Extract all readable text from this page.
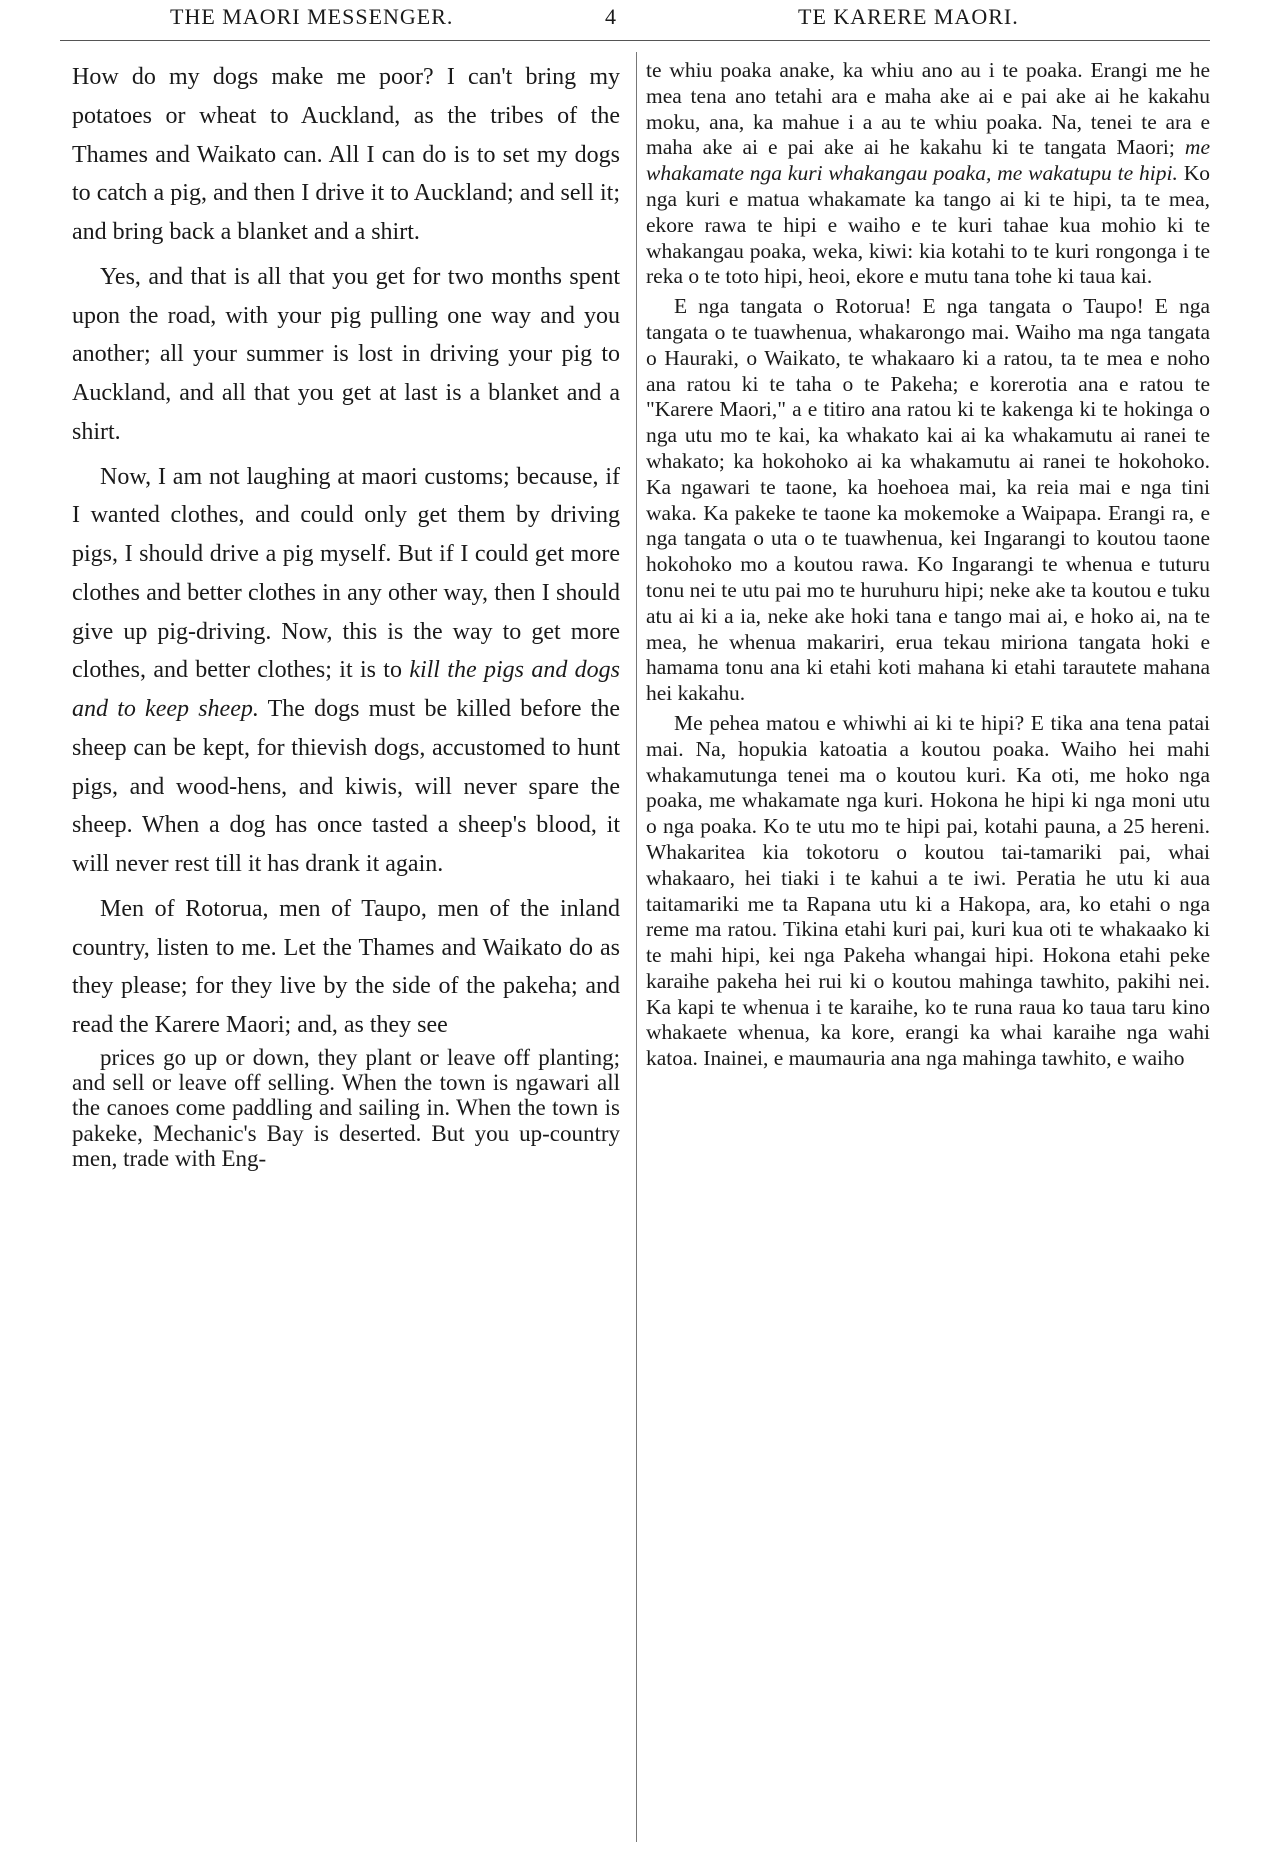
THE MAORI MESSENGER.	4	TE KARERE MAORI.

How do my dogs make me poor? I can't bring my potatoes or wheat to Auckland, as the tribes of the Thames and Waikato can. All I can do is to set my dogs to catch a pig, and then I drive it to Auckland; and sell it; and bring back a blanket and a shirt.

Yes, and that is all that you get for two months spent upon the road, with your pig pulling one way and you another; all your summer is lost in driving your pig to Auckland, and all that you get at last is a blanket and a shirt.

Now, I am not laughing at maori customs; because, if I wanted clothes, and could only get them by driving pigs, I should drive a pig myself. But if I could get more clothes and better clothes in any other way, then I should give up pig-driving. Now, this is the way to get more clothes, and better clothes; it is to kill the pigs and dogs and to keep sheep. The dogs must be killed before the sheep can be kept, for thievish dogs, accustomed to hunt pigs, and wood-hens, and kiwis, will never spare the sheep. When a dog has once tasted a sheep's blood, it will never rest till it has drank it again.

Men of Rotorua, men of Taupo, men of the inland country, listen to me. Let the Thames and Waikato do as they please; for they live by the side of the pakeha; and read the Karere Maori; and, as they see

prices go up or down, they plant or leave off planting; and sell or leave off selling. When the town is ngawari all the canoes come paddling and sailing in. When the town is pakeke, Mechanic's Bay is deserted. But you up-country men, trade with Eng-

te whiu poaka anake, ka whiu ano au i te poaka. Erangi me he mea tena ano tetahi ara e maha ake ai e pai ake ai he kakahu moku, ana, ka mahue i a au te whiu poaka. Na, tenei te ara e maha ake ai e pai ake ai he kakahu ki te tangata Maori; me whakamate nga kuri whakangau poaka, me wakatupu te hipi. Ko nga kuri e matua whakamate ka tango ai ki te hipi, ta te mea, ekore rawa te hipi e waiho e te kuri tahae kua mohio ki te whakangau poaka, weka, kiwi: kia kotahi to te kuri rongonga i te reka o te toto hipi, heoi, ekore e mutu tana tohe ki taua kai.

E nga tangata o Rotorua! E nga tangata o Taupo! E nga tangata o te tuawhenua, whakarongo mai. Waiho ma nga tangata o Hauraki, o Waikato, te whakaaro ki a ratou, ta te mea e noho ana ratou ki te taha o te Pakeha; e korerotia ana e ratou te "Karere Maori," a e titiro ana ratou ki te kakenga ki te hokinga o nga utu mo te kai, ka whakato kai ai ka whakamutu ai ranei te whakato; ka hokohoko ai ka whakamutu ai ranei te hokohoko. Ka ngawari te taone, ka hoehoea mai, ka reia mai e nga tini waka. Ka pakeke te taone ka mokemoke a Waipapa. Erangi ra, e nga tangata o uta o te tuawhenua, kei Ingarangi to koutou taone hokohoko mo a koutou rawa. Ko Ingarangi te whenua e tuturu tonu nei te utu pai mo te huruhuru hipi; neke ake ta koutou e tuku atu ai ki a ia, neke ake hoki tana e tango mai ai, e hoko ai, na te mea, he whenua makariri, erua tekau miriona tangata hoki e hamama tonu ana ki etahi koti mahana ki etahi tarautete mahana hei kakahu.

Me pehea matou e whiwhi ai ki te hipi? E tika ana tena patai mai. Na, hopukia katoatia a koutou poaka. Waiho hei mahi whakamutunga tenei ma o koutou kuri. Ka oti, me hoko nga poaka, me whakamate nga kuri. Hokona he hipi ki nga moni utu o nga poaka. Ko te utu mo te hipi pai, kotahi pauna, a 25 hereni. Whakaritea kia tokotoru o koutou tai-tamariki pai, whai whakaaro, hei tiaki i te kahui a te iwi. Peratia he utu ki aua taitamariki me ta Rapana utu ki a Hakopa, ara, ko etahi o nga reme ma ratou. Tikina etahi kuri pai, kuri kua oti te whakaako ki te mahi hipi, kei nga Pakeha whangai hipi. Hokona etahi peke karaihe pakeha hei rui ki o koutou mahinga tawhito, pakihi nei. Ka kapi te whenua i te karaihe, ko te runa raua ko taua taru kino whakaete whenua, ka kore, erangi ka whai karaihe nga wahi katoa. Inainei, e maumauria ana nga mahinga tawhito, e waiho
